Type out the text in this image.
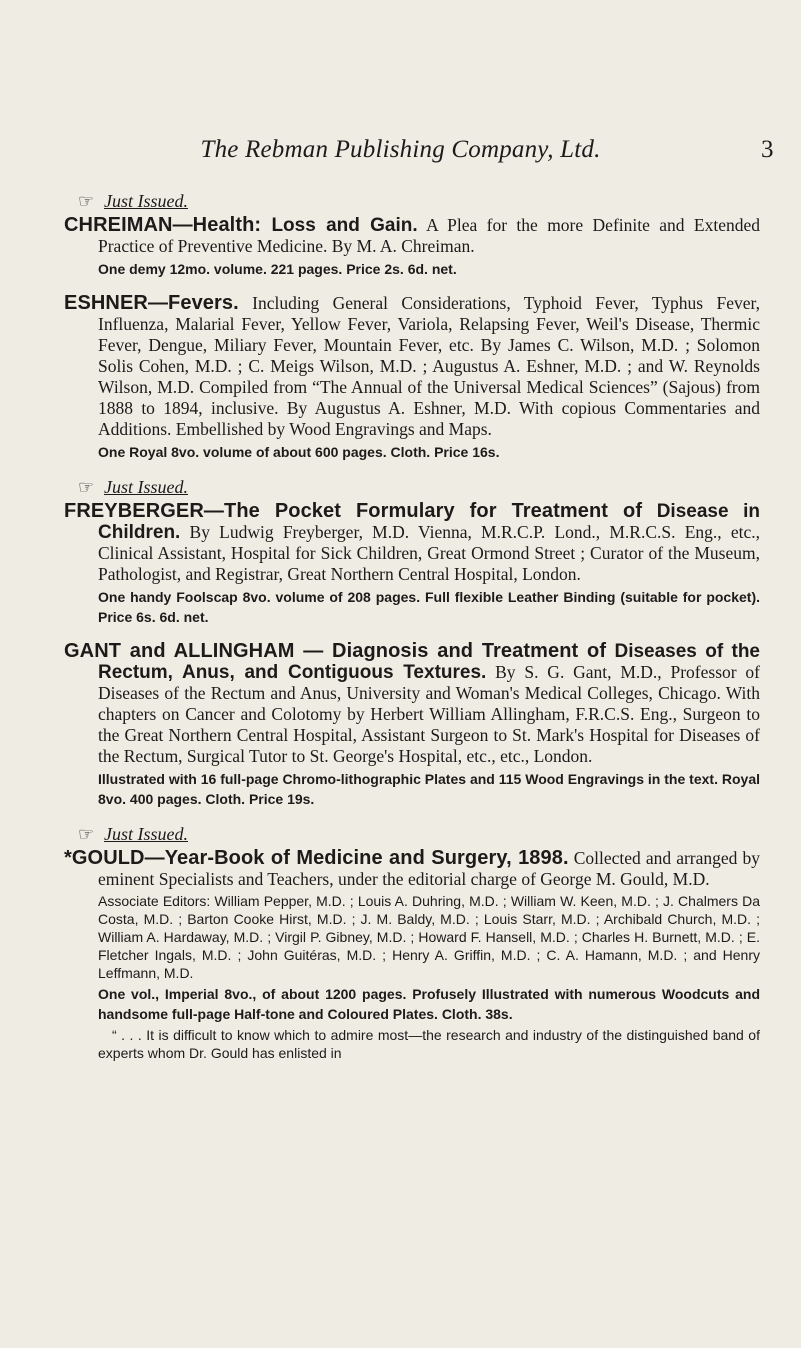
The Rebman Publishing Company, Ltd.	3
☞ Just Issued.

CHREIMAN—Health: Loss and Gain. A Plea for the more Definite and Extended Practice of Preventive Medicine. By M. A. Chreiman.

One demy 12mo. volume. 221 pages. Price 2s. 6d. net.

ESHNER—Fevers. Including General Considerations, Typhoid Fever, Typhus Fever, Influenza, Malarial Fever, Yellow Fever, Variola, Relapsing Fever, Weil's Disease, Thermic Fever, Dengue, Miliary Fever, Mountain Fever, etc. By James C. Wilson, M.D. ; Solomon Solis Cohen, M.D. ; C. Meigs Wilson, M.D. ; Augustus A. Eshner, M.D. ; and W. Reynolds Wilson, M.D. Compiled from “The Annual of the Universal Medical Sciences” (Sajous) from 1888 to 1894, inclusive. By Augustus A. Eshner, M.D. With copious Commentaries and Additions. Embellished by Wood Engravings and Maps.

One Royal 8vo. volume of about 600 pages. Cloth. Price 16s.

☞ Just Issued.

FREYBERGER—The Pocket Formulary for Treatment of Disease in Children. By Ludwig Freyberger, M.D. Vienna, M.R.C.P. Lond., M.R.C.S. Eng., etc., Clinical Assistant, Hospital for Sick Children, Great Ormond Street ; Curator of the Museum, Pathologist, and Registrar, Great Northern Central Hospital, London.

One handy Foolscap 8vo. volume of 208 pages. Full flexible Leather Binding (suitable for pocket). Price 6s. 6d. net.

GANT and ALLINGHAM — Diagnosis and Treatment of Diseases of the Rectum, Anus, and Contiguous Textures. By S. G. Gant, M.D., Professor of Diseases of the Rectum and Anus, University and Woman's Medical Colleges, Chicago. With chapters on Cancer and Colotomy by Herbert William Allingham, F.R.C.S. Eng., Surgeon to the Great Northern Central Hospital, Assistant Surgeon to St. Mark's Hospital for Diseases of the Rectum, Surgical Tutor to St. George's Hospital, etc., etc., London.

Illustrated with 16 full-page Chromo-lithographic Plates and 115 Wood Engravings in the text. Royal 8vo. 400 pages. Cloth. Price 19s.

☞ Just Issued.

*GOULD—Year-Book of Medicine and Surgery, 1898. Collected and arranged by eminent Specialists and Teachers, under the editorial charge of George M. Gould, M.D.

Associate Editors: William Pepper, M.D. ; Louis A. Duhring, M.D. ; William W. Keen, M.D. ; J. Chalmers Da Costa, M.D. ; Barton Cooke Hirst, M.D. ; J. M. Baldy, M.D. ; Louis Starr, M.D. ; Archibald Church, M.D. ; William A. Hardaway, M.D. ; Virgil P. Gibney, M.D. ; Howard F. Hansell, M.D. ; Charles H. Burnett, M.D. ; E. Fletcher Ingals, M.D. ; John Guitéras, M.D. ; Henry A. Griffin, M.D. ; C. A. Hamann, M.D. ; and Henry Leffmann, M.D.

One vol., Imperial 8vo., of about 1200 pages. Profusely Illustrated with numerous Woodcuts and handsome full-page Half-tone and Coloured Plates. Cloth. 38s.

“ . . . It is difficult to know which to admire most—the research and industry of the distinguished band of experts whom Dr. Gould has enlisted in
